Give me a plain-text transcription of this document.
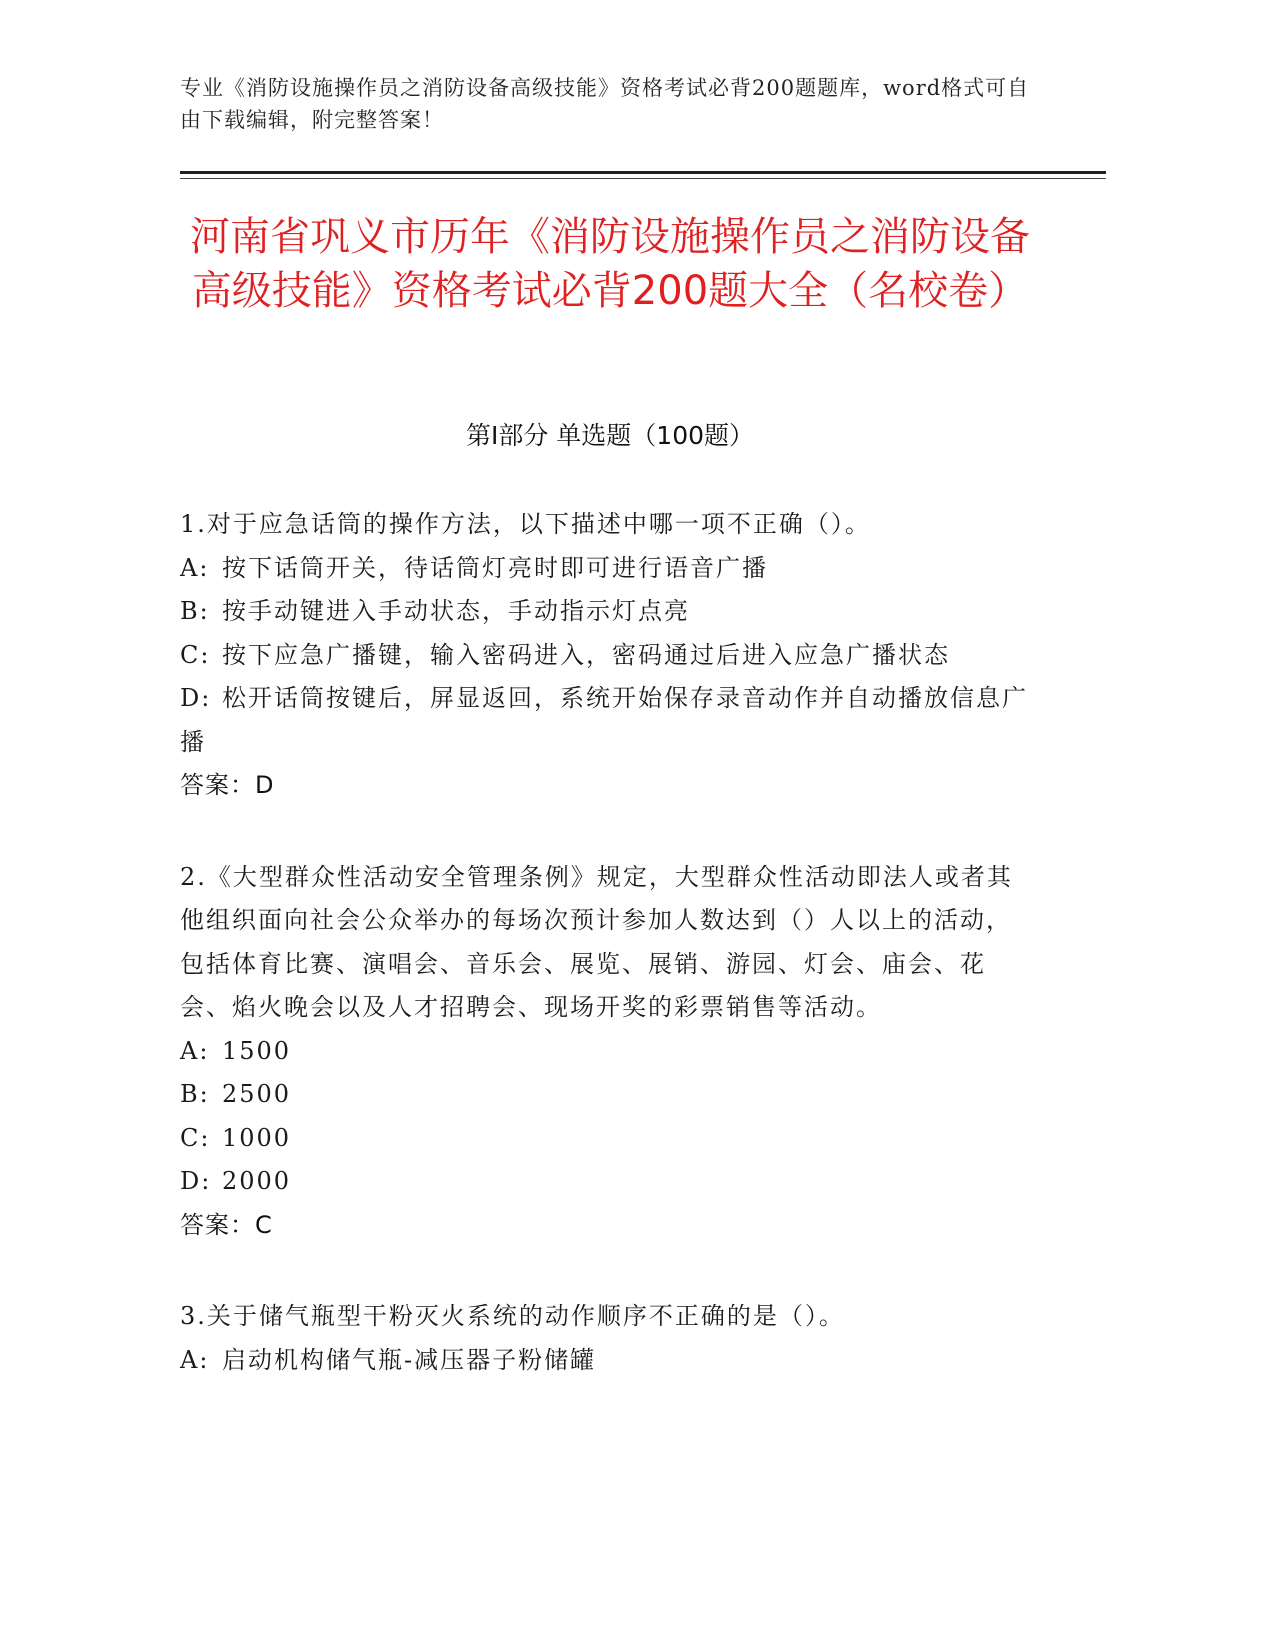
专业《消防设施操作员之消防设备高级技能》资格考试必背200题题库，word格式可自由下载编辑，附完整答案！
河南省巩义市历年《消防设施操作员之消防设备高级技能》资格考试必背200题大全（名校卷）
第Ⅰ部分 单选题（100题）
1.对于应急话筒的操作方法，以下描述中哪一项不正确（）。
A: 按下话筒开关，待话筒灯亮时即可进行语音广播
B: 按手动键进入手动状态，手动指示灯点亮
C: 按下应急广播键，输入密码进入，密码通过后进入应急广播状态
D: 松开话筒按键后，屏显返回，系统开始保存录音动作并自动播放信息广播
答案：D
2.《大型群众性活动安全管理条例》规定，大型群众性活动即法人或者其他组织面向社会公众举办的每场次预计参加人数达到（）人以上的活动，包括体育比赛、演唱会、音乐会、展览、展销、游园、灯会、庙会、花会、焰火晚会以及人才招聘会、现场开奖的彩票销售等活动。
A: 1500
B: 2500
C: 1000
D: 2000
答案：C
3.关于储气瓶型干粉灭火系统的动作顺序不正确的是（）。
A: 启动机构储气瓶-减压器子粉储罐
